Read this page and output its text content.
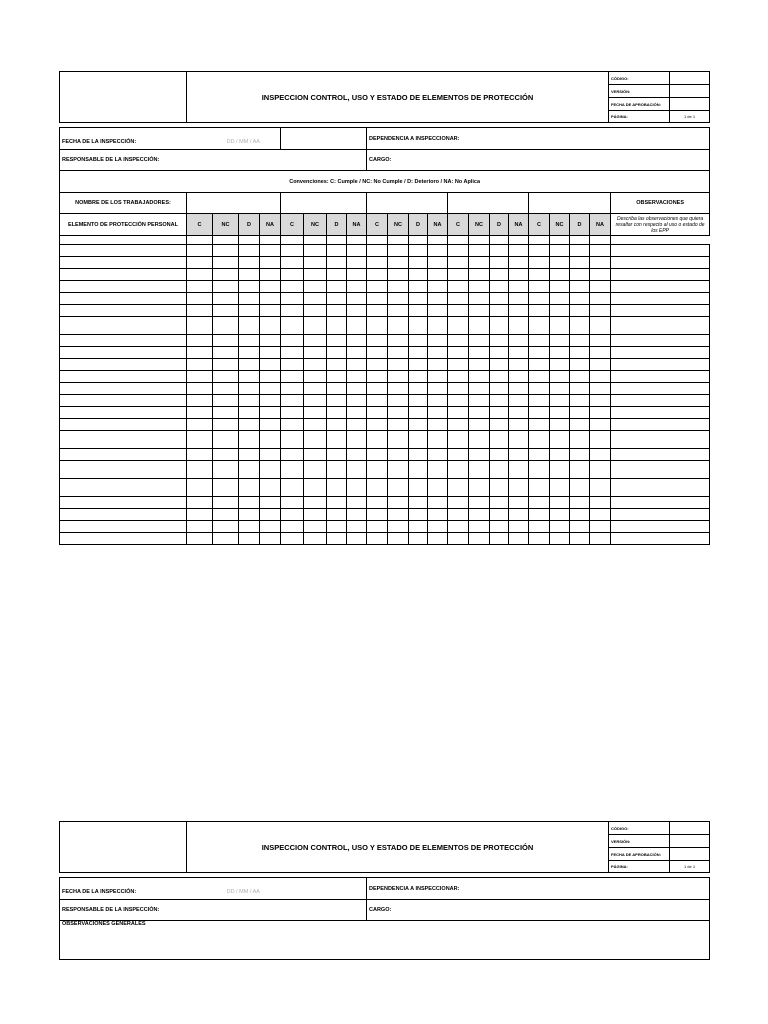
	INSPECCION CONTROL, USO Y ESTADO DE ELEMENTOS DE PROTECCIÓN	CÓDIGO:	
		VERSIÓN:	
		FECHA DE APROBACIÓN:	
		PÁGINA:	1 de 1
FECHA DE LA INSPECCIÓN: DD / MM / AA									DEPENDENCIA A INSPECCIONAR:												
RESPONSABLE DE LA INSPECCIÓN:									CARGO:												
Convenciones: C: Cumple / NC: No Cumple / D: Deterioro / NA: No Aplica																					
NOMBRE DE LOS TRABAJADORES:																					OBSERVACIONES
ELEMENTO DE PROTECCIÓN PERSONAL	C	NC	D	NA	C	NC	D	NA	C	NC	D	NA	C	NC	D	NA	C	NC	D	NA	Describa las observaciones que quiera resaltar con respecto al uso o estado de los EPP

	INSPECCION CONTROL, USO Y ESTADO DE ELEMENTOS DE PROTECCIÓN	CÓDIGO:	
		VERSIÓN:	
		FECHA DE APROBACIÓN:	
		PÁGINA:	1 de 1
FECHA DE LA INSPECCIÓN: DD / MM / AA	DEPENDENCIA A INSPECCIONAR:
RESPONSABLE DE LA INSPECCIÓN:	CARGO:
OBSERVACIONES GENERALES	
